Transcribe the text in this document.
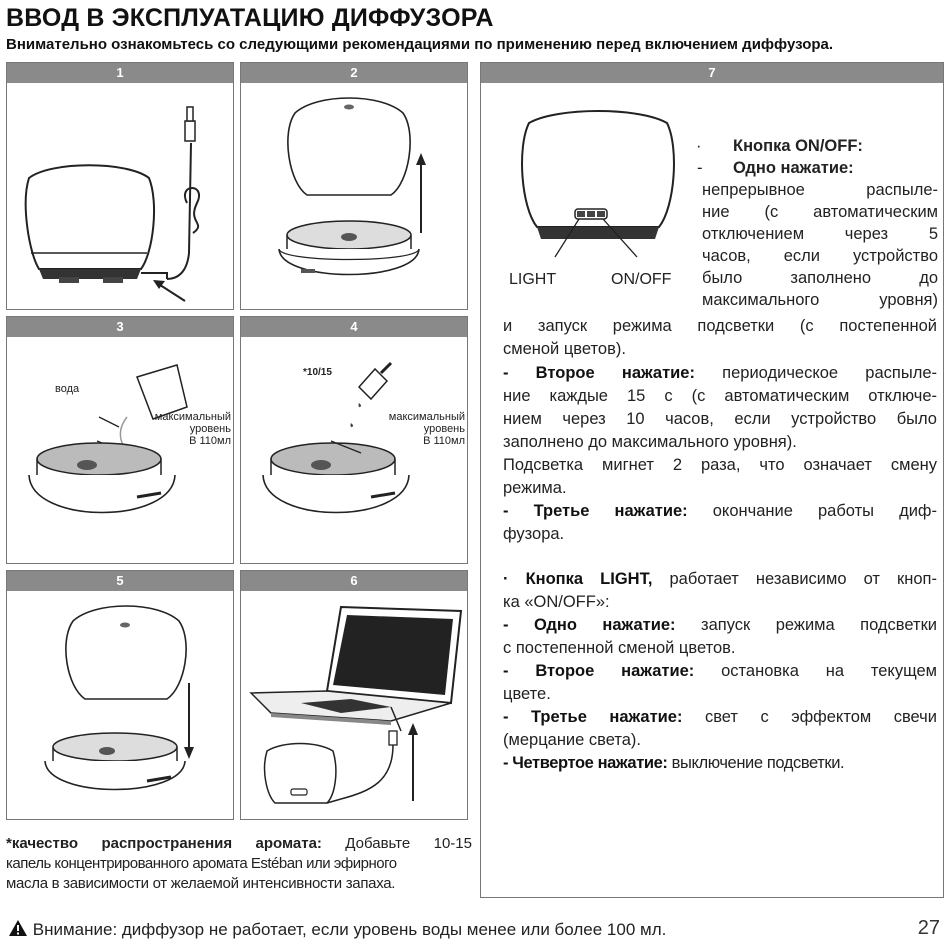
ВВОД В ЭКСПЛУАТАЦИЮ ДИФФУЗОРА

Внимательно ознакомьтесь со следующими рекомендациями по применению перед включением диффузора.

1	2
3
вода
максимальный
уровень
В 110мл
4
*10/15
максимальный
уровень
В 110мл
5	6
7
LIGHT	ON/OFF
· Кнопка ON/OFF:
- Одно нажатие:
непрерывное распыле-
ние (с автоматическим
отключением через 5
часов, если устройство
было заполнено до
максимального уровня)
и запуск режима подсветки (с постепенной
сменой цветов).
- Второе нажатие: периодическое распыле-
ние каждые 15 с (с автоматическим отключе-
нием через 10 часов, если устройство было
заполнено до максимального уровня).
Подсветка мигнет 2 раза, что означает смену
режима.
- Третье нажатие: окончание работы диф-
фузора.
· Кнопка LIGHT, работает независимо от кноп-
ка «ON/OFF»:
- Одно нажатие: запуск режима подсветки
с постепенной сменой цветов.
- Второе нажатие: остановка на текущем
цвете.
- Третье нажатие: свет с эффектом свечи
(мерцание света).
- Четвертое нажатие: выключение подсветки.
*качество распространения аромата: Добавьте 10-15
капель концентрированного аромата Estéban или эфирного
масла в зависимости от желаемой интенсивности запаха.
Внимание: диффузор не работает, если уровень воды менее или более 100 мл.	27
